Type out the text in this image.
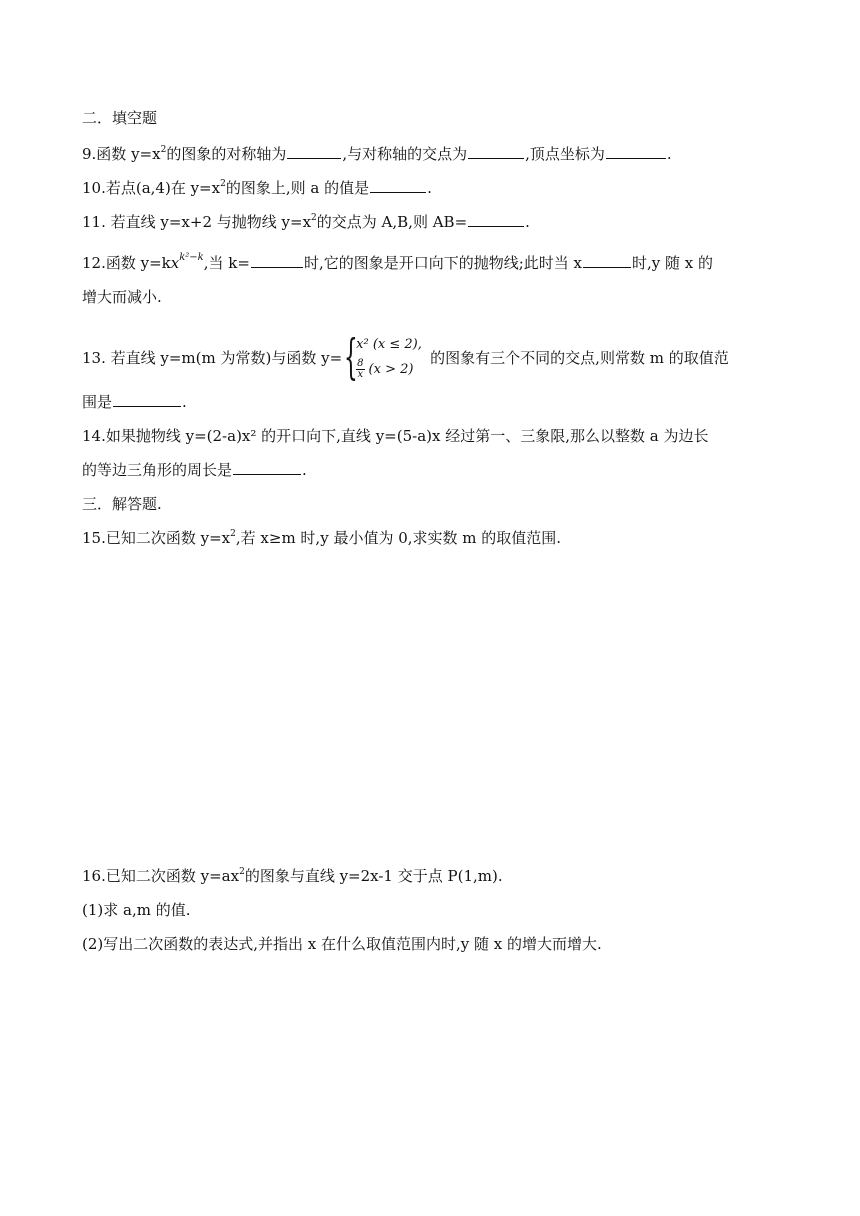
二．填空题
9.函数 $y=x^2$的图象的对称轴为	,与对称轴的交点为	,顶点坐标为	.
10.若点(a,4)在 $y=x^2$的图象上,则 a 的值是	.
11. 若直线 y=x+2 与抛物线 $y=x^2$的交点为 A,B,则 AB=	.
12.函数 $y=kx^{k^2-k}$,当 k=	时,它的图象是开口向下的抛物线;此时当 x	时,y 随 x 的
增大而减小.
13. 若直线 y=m(m 为常数)与函数 y= {
x² (x ≤ 2),
$\frac{8}{x} (x > 2)$
的图象有三个不同的交点,则常数 m 的取值范
围是	.
14.如果抛物线 y=(2-a)x² 的开口向下,直线 y=(5-a)x 经过第一、三象限,那么以整数 a 为边长
的等边三角形的周长是	.
三．解答题.
15.已知二次函数 $y=x^2$,若 x≥m 时,y 最小值为 0,求实数 m 的取值范围.
16.已知二次函数 $y=ax^2$的图象与直线 y=2x-1 交于点 P(1,m).
(1)求 a,m 的值.
(2)写出二次函数的表达式,并指出 x 在什么取值范围内时,y 随 x 的增大而增大.
